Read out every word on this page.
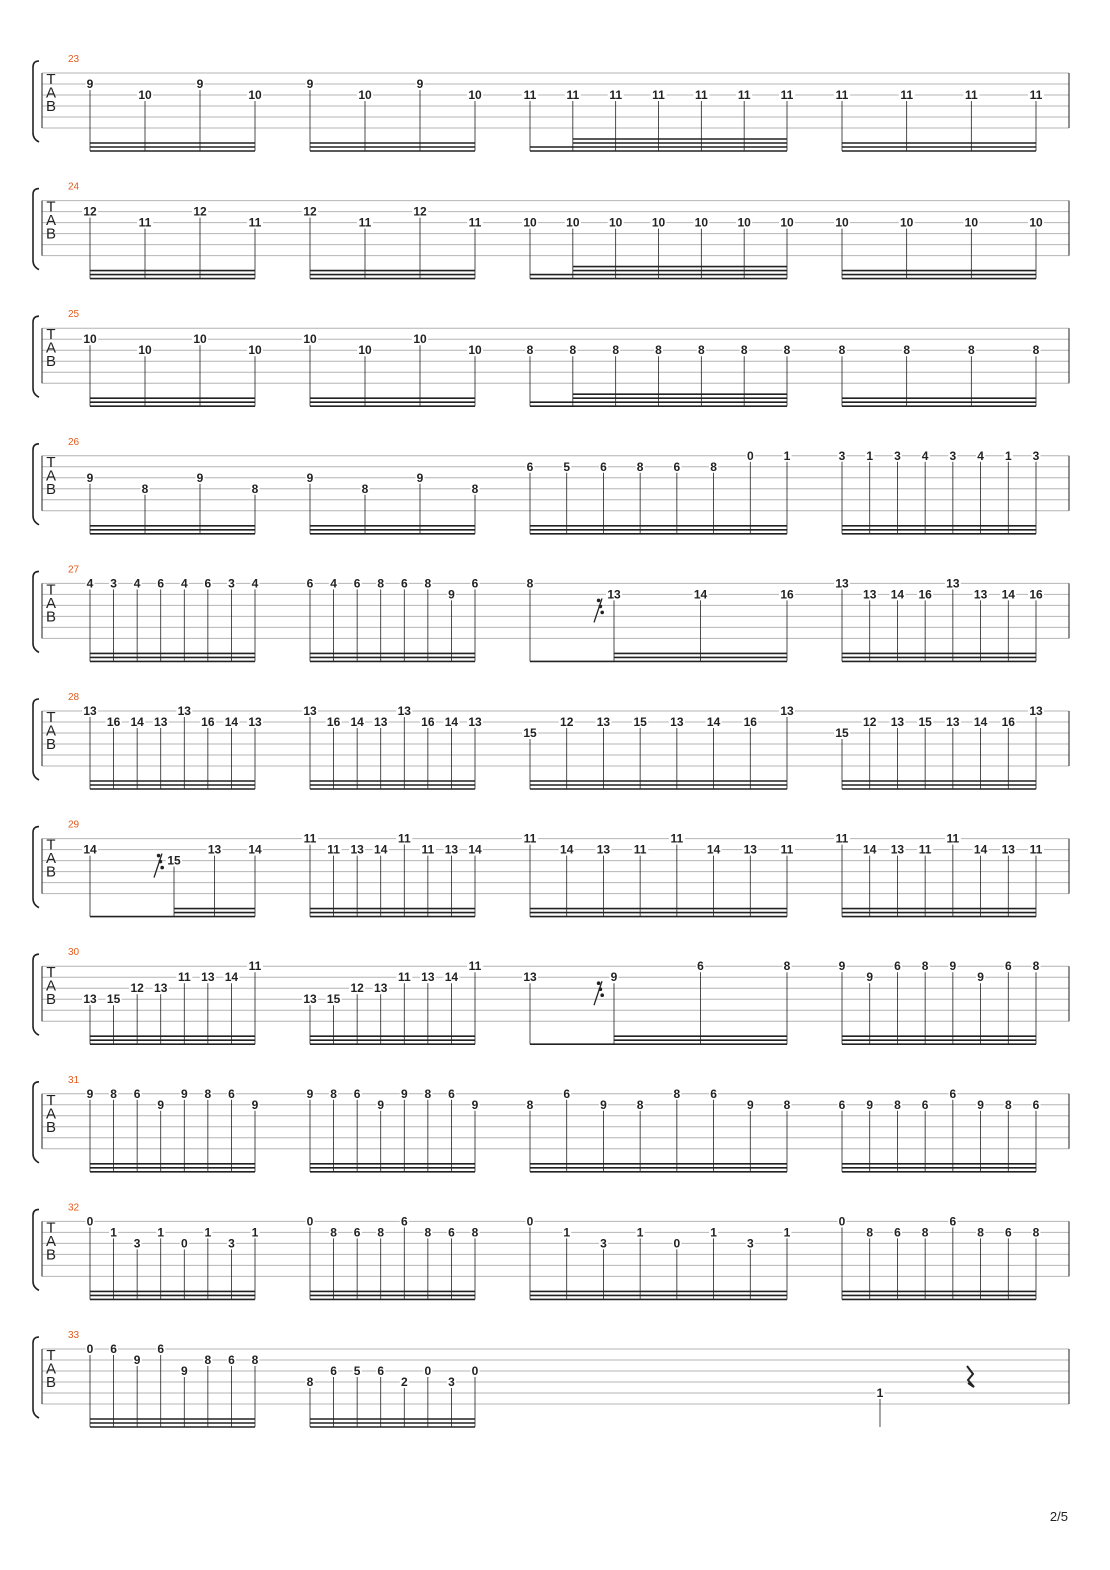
23
T
A
B
9
10
9
10
9
10
9
10	11	11	11	11	11	11	11	11	11	11	11
24
T
A
B
12
11
12
11
12
11
12
11	10 10 10 10 10 10 10	10	10	10	10
25
T
A
B
10
10
10
10
10
10
10
10	8	8	8	8	8	8	8	8	8	8	8
26
T
A
B
9
8
9
8
9
8
9
8
6	5	6	8	6	8
0	1	3 1 3 4 3 4 1 3
27
T
A
B
4 3 4 6 4 6 3 4	6 4 6 8 6 8
9
6	8
13	14	16
13
13 14 16
13
13 14 16
28
T
A
B
13
16 14 13
13
16 14 13
13
16 14 13
13
16 14 13
15
12 13 15 13 14 16
13
15
12 13 15 13 14 16
13
29
T
A
B
14
15
13 14
11
11 13 14
11
11 13 14
11
14 13 11
11
14 13 11
11
14 13 11
11
14 13 11
30
T
A
B 13 15
12 13
11 13 14
11
13 15
12 13
11 13 14
11
13	9
6	8	9
9
6 8 9
9
6 8
31
T
A
B
9 8 6
9
9 8 6
9
9 8 6
9
9 8 6
9	8
6
9	8
8	6
9	8	6 9 8 6
6
9 8 6
32
T
A
B
0
1
3
1
0
1
3
1
0
8 6 8
6
8 6 8
0
1
3
1
0
1
3
1
0
8 6 8
6
8 6 8
33
T
A
B
0 6
9
6
9
8 6 8
8
6 5 6
2
0
3
0
1
2/5
